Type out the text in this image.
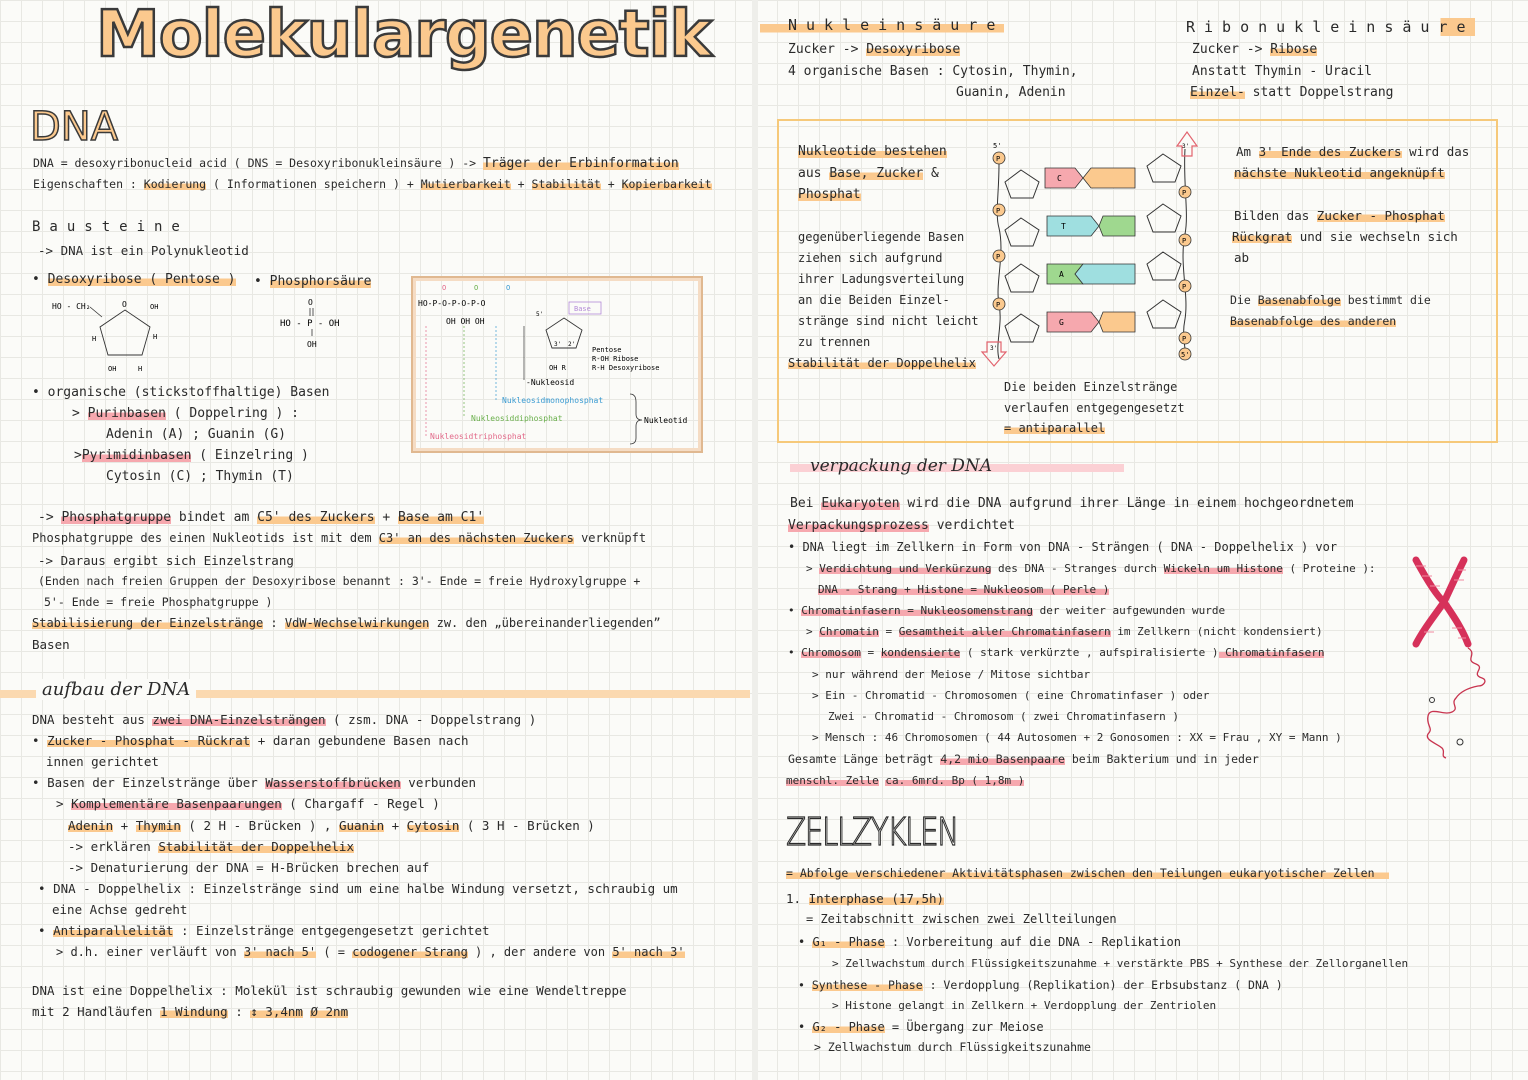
Molekulargenetik
DNA
DNA = desoxyribonucleid acid ( DNS = Desoxyribonukleinsäure ) -> Träger der Erbinformation
Eigenschaften : Kodierung ( Informationen speichern ) + Mutierbarkeit + Stabilität + Kopierbarkeit
Bausteine
-> DNA ist ein Polynukleotid
• Desoxyribose ( Pentose ) • Phosphorsäure
HO - CH₂	O	OH
OH	H
H	H
O
HO - P - OH
OH
HO-P-O-P-O-P-O
OH OH OH
O	O	O
Base
5'
3' 2'
OH R
Pentose
R-OH Ribose
R-H Desoxyribose
-Nukleosid
Nukleosidmonophosphat
Nukleosiddiphosphat
Nukleosidtriphosphat
Nukleotid
• organische (stickstoffhaltige) Basen
> Purinbasen ( Doppelring ) :
Adenin (A) ; Guanin (G)
>Pyrimidinbasen ( Einzelring )
Cytosin (C) ; Thymin (T)
-> Phosphatgruppe bindet am C5' des Zuckers + Base am C1'
Phosphatgruppe des einen Nukleotids ist mit dem C3' an des nächsten Zuckers verknüpft
-> Daraus ergibt sich Einzelstrang
(Enden nach freien Gruppen der Desoxyribose benannt : 3'- Ende = freie Hydroxylgruppe +
5'- Ende = freie Phosphatgruppe )
Stabilisierung der Einzelstränge : VdW-Wechselwirkungen zw. den „übereinanderliegenden”
Basen
aufbau der DNA
DNA besteht aus zwei DNA-Einzelsträngen ( zsm. DNA - Doppelstrang )
• Zucker - Phosphat - Rückrat + daran gebundene Basen nach
innen gerichtet
• Basen der Einzelstränge über Wasserstoffbrücken verbunden
> Komplementäre Basenpaarungen ( Chargaff - Regel )
Adenin + Thymin ( 2 H - Brücken ) , Guanin + Cytosin ( 3 H - Brücken )
-> erklären Stabilität der Doppelhelix
-> Denaturierung der DNA = H-Brücken brechen auf
• DNA - Doppelhelix : Einzelstränge sind um eine halbe Windung versetzt, schraubig um
eine Achse gedreht
• Antiparallelität : Einzelstränge entgegengesetzt gerichtet
> d.h. einer verläuft von 3' nach 5' ( = codogener Strang ) , der andere von 5' nach 3'
DNA ist eine Doppelhelix : Molekül ist schraubig gewunden wie eine Wendeltreppe
mit 2 Handläufen 1 Windung : ↕ 3,4nm Ø 2nm
Nukleinsäure
Zucker -> Desoxyribose
4 organische Basen : Cytosin, Thymin,
Guanin, Adenin
Ribonukleinsäure
Zucker -> Ribose
Anstatt Thymin - Uracil
Einzel- statt Doppelstrang
Nukleotide bestehen
aus Base, Zucker &
Phosphat
gegenüberliegende Basen
ziehen sich aufgrund
ihrer Ladungsverteilung
an die Beiden Einzel-
stränge sind nicht leicht
zu trennen
Stabilität der Doppelhelix
C
T
A
G
P
P
P
P
P
P
P
P
5'
5'	3'
3'
Am 3' Ende des Zuckers wird das
nächste Nukleotid angeknüpft
Bilden das Zucker - Phosphat
Rückgrat und sie wechseln sich
ab
Die Basenabfolge bestimmt die
Basenabfolge des anderen
Die beiden Einzelstränge
verlaufen entgegengesetzt
= antiparallel
verpackung der DNA
Bei Eukaryoten wird die DNA aufgrund ihrer Länge in einem hochgeordnetem
Verpackungsprozess verdichtet
• DNA liegt im Zellkern in Form von DNA - Strängen ( DNA - Doppelhelix ) vor
> Verdichtung und Verkürzung des DNA - Stranges durch Wickeln um Histone ( Proteine ):
DNA - Strang + Histone = Nukleosom ( Perle )
• Chromatinfasern = Nukleosomenstrang der weiter aufgewunden wurde
> Chromatin = Gesamtheit aller Chromatinfasern im Zellkern (nicht kondensiert)
• Chromosom = kondensierte ( stark verkürzte , aufspiralisierte ) Chromatinfasern
> nur während der Meiose / Mitose sichtbar
> Ein - Chromatid - Chromosomen ( eine Chromatinfaser ) oder
Zwei - Chromatid - Chromosom ( zwei Chromatinfasern )
> Mensch : 46 Chromosomen ( 44 Autosomen + 2 Gonosomen : XX = Frau , XY = Mann )
Gesamte Länge beträgt 4,2 mio Basenpaare beim Bakterium und in jeder
menschl. Zelle ca. 6mrd. Bp ( 1,8m )
ZELLZYKLEN
= Abfolge verschiedener Aktivitätsphasen zwischen den Teilungen eukaryotischer Zellen
1. Interphase (17,5h)
= Zeitabschnitt zwischen zwei Zellteilungen
• G₁ - Phase : Vorbereitung auf die DNA - Replikation
> Zellwachstum durch Flüssigkeitszunahme + verstärkte PBS + Synthese der Zellorganellen
• Synthese - Phase : Verdopplung (Replikation) der Erbsubstanz ( DNA )
> Histone gelangt in Zellkern + Verdopplung der Zentriolen
• G₂ - Phase = Übergang zur Meiose
> Zellwachstum durch Flüssigkeitszunahme
